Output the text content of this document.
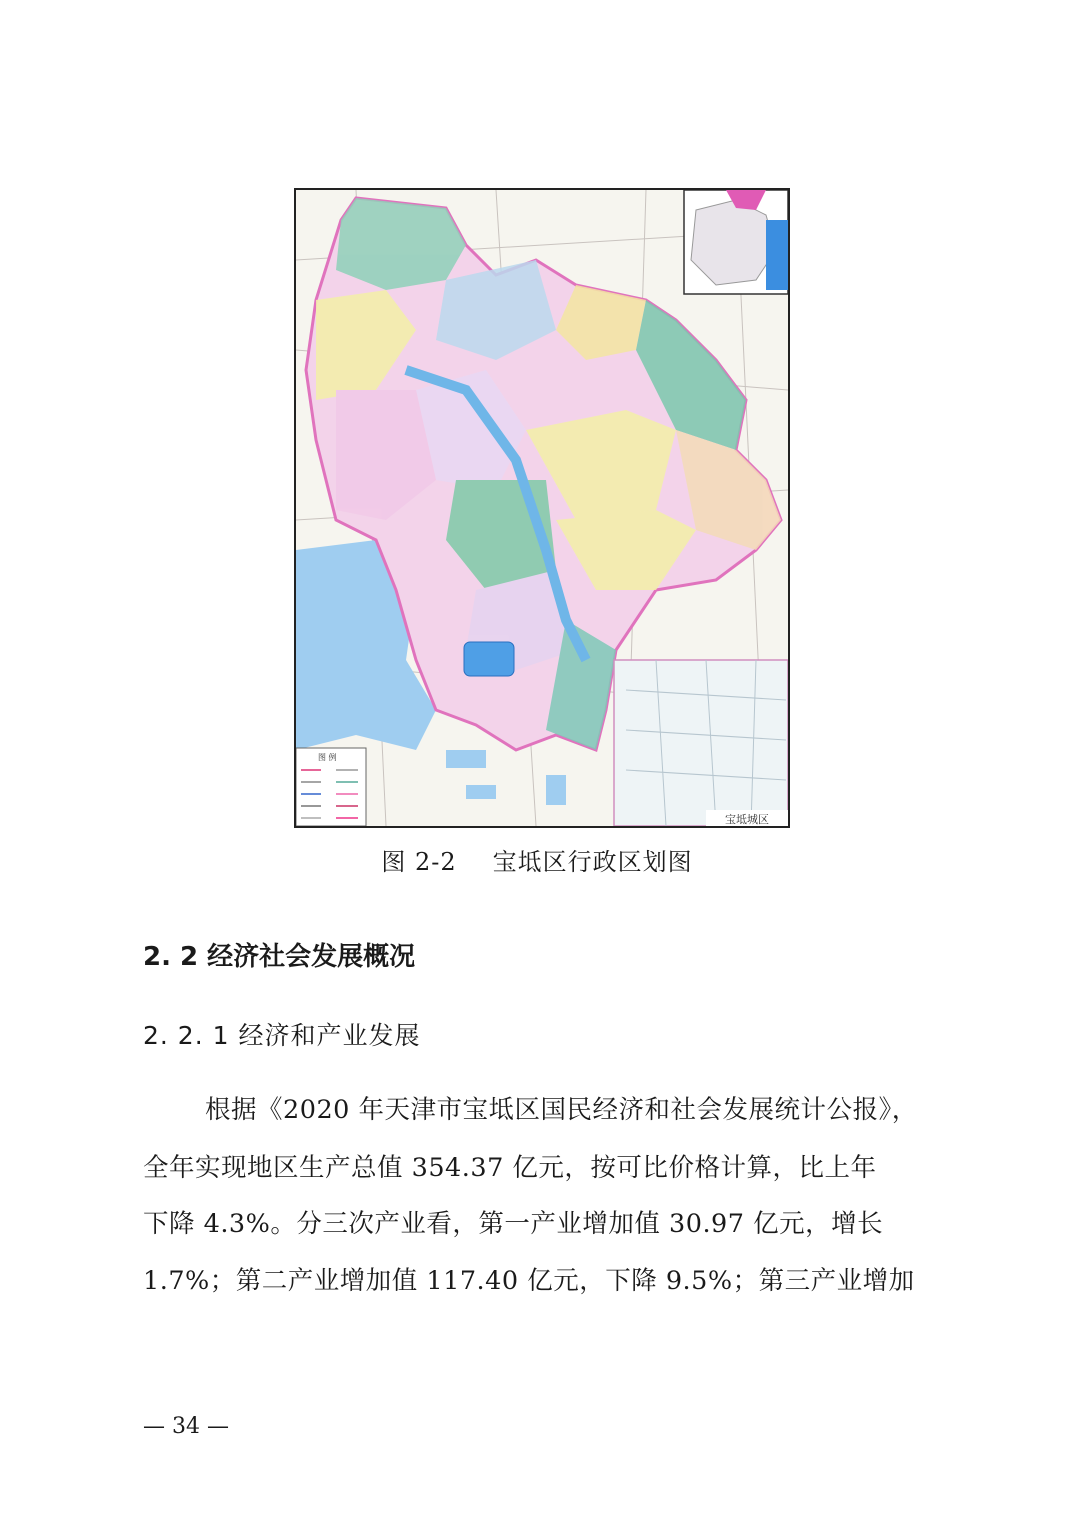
宝坻城区
图 例
图 2-2 宝坻区行政区划图
2. 2 经济社会发展概况
2. 2. 1 经济和产业发展
根据《2020 年天津市宝坻区国民经济和社会发展统计公报》，
全年实现地区生产总值 354.37 亿元，按可比价格计算，比上年
下降 4.3%。分三次产业看，第一产业增加值 30.97 亿元，增长
1.7%；第二产业增加值 117.40 亿元，下降 9.5%；第三产业增加
— 34 —
